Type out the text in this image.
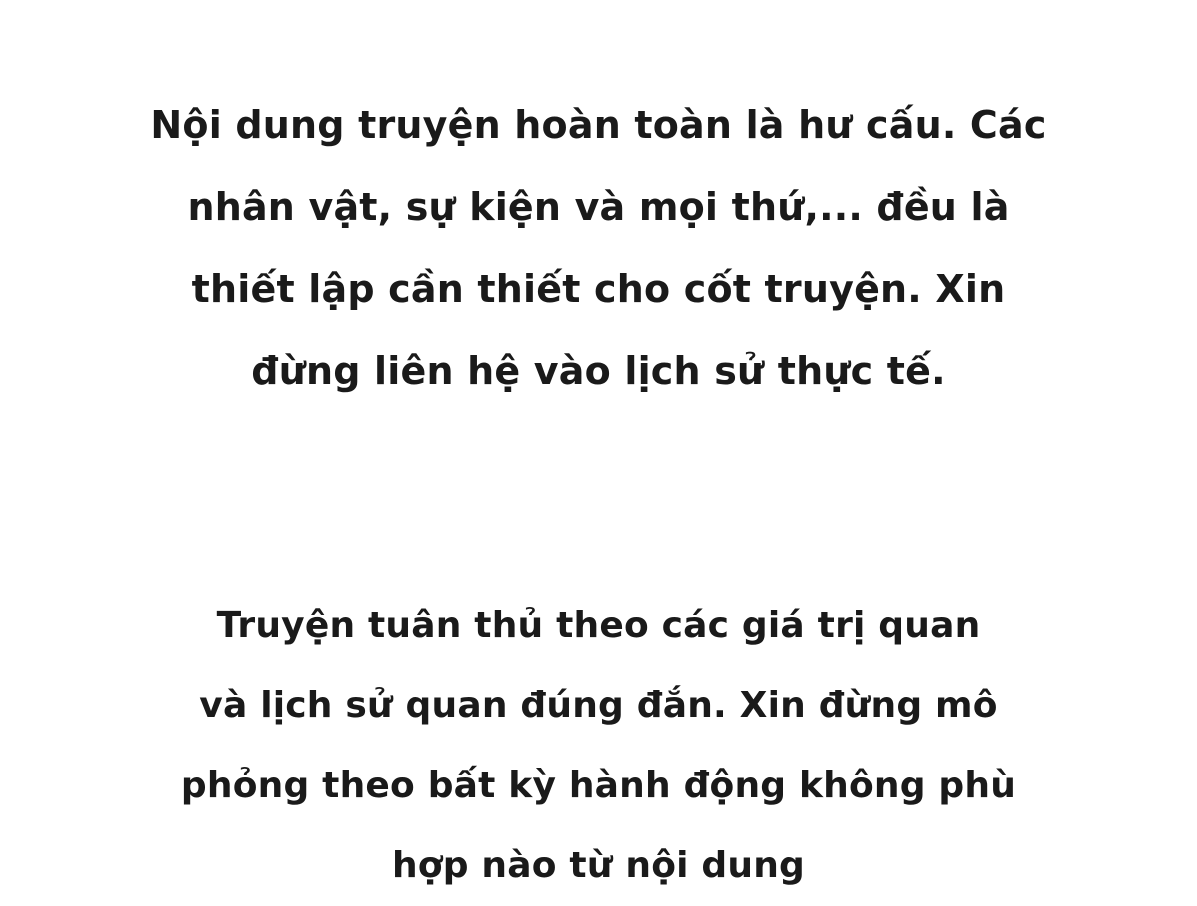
Nội dung truyện hoàn toàn là hư cấu. Các
nhân vật, sự kiện và mọi thứ,... đều là
thiết lập cần thiết cho cốt truyện. Xin
đừng liên hệ vào lịch sử thực tế.
Truyện tuân thủ theo các giá trị quan
và lịch sử quan đúng đắn. Xin đừng mô
phỏng theo bất kỳ hành động không phù
hợp nào từ nội dung
